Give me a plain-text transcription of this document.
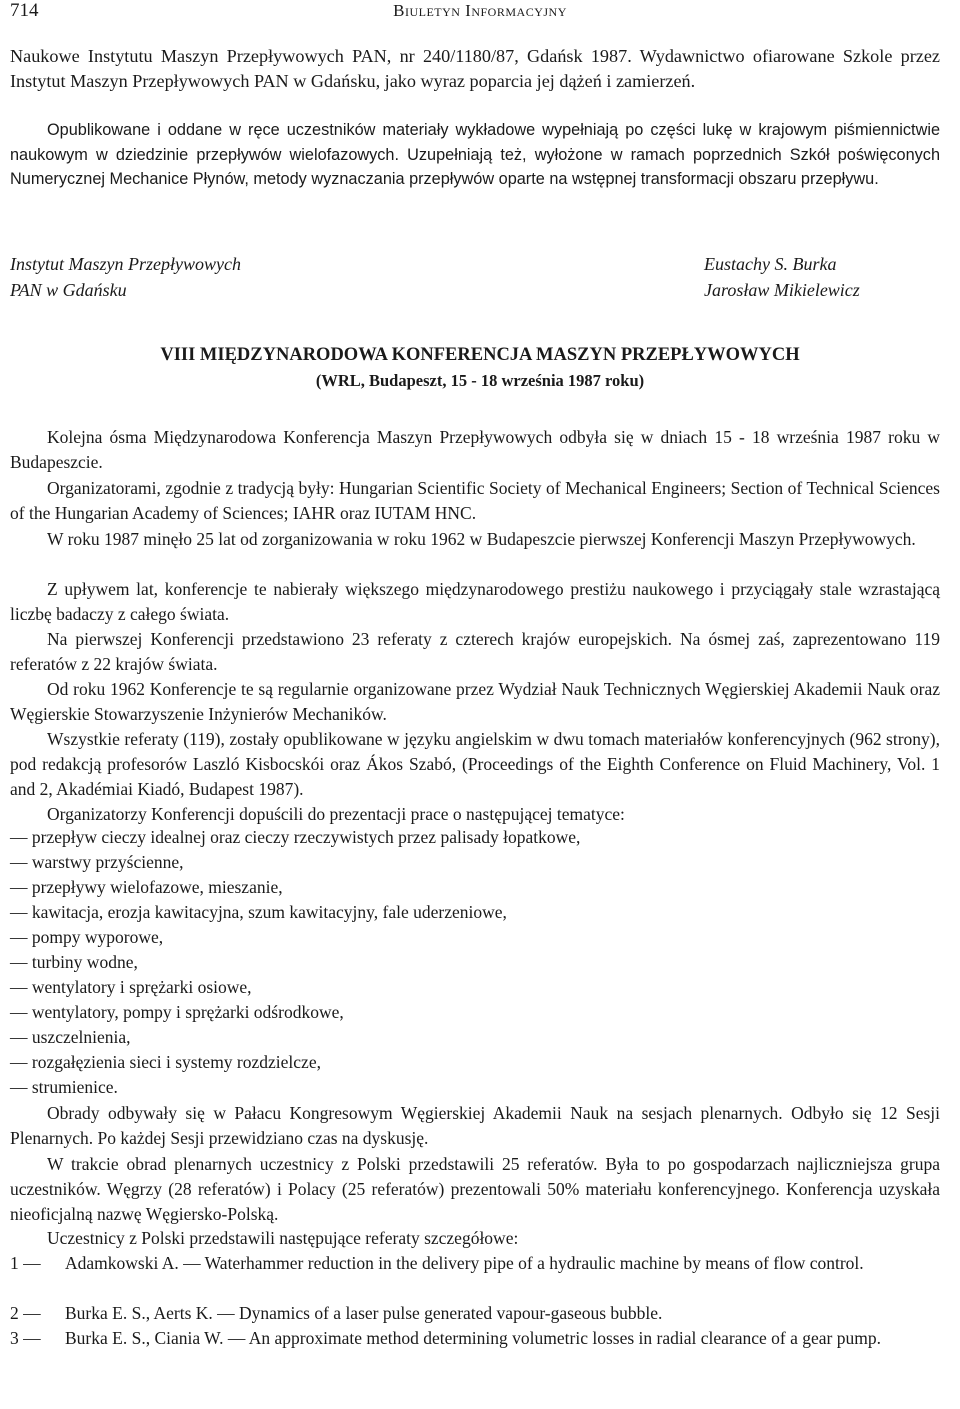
714	Biuletyn Informacyjny

Naukowe Instytutu Maszyn Przepływowych PAN, nr 240/1180/87, Gdańsk 1987. Wydawnictwo ofiarowane Szkole przez Instytut Maszyn Przepływowych PAN w Gdańsku, jako wyraz poparcia jej dążeń i zamierzeń.

Opublikowane i oddane w ręce uczestników materiały wykładowe wypełniają po części lukę w krajowym piśmiennictwie naukowym w dziedzinie przepływów wielofazowych. Uzupełniają też, wyłożone w ramach poprzednich Szkół poświęconych Numerycznej Mechanice Płynów, metody wyznaczania przepływów oparte na wstępnej transformacji obszaru przepływu.

Instytut Maszyn Przepływowych
PAN w Gdańsku
Eustachy S. Burka
Jarosław Mikielewicz
VIII MIĘDZYNARODOWA KONFERENCJA MASZYN PRZEPŁYWOWYCH
(WRL, Budapeszt, 15 - 18 września 1987 roku)

Kolejna ósma Międzynarodowa Konferencja Maszyn Przepływowych odbyła się w dniach 15 - 18 września 1987 roku w Budapeszcie.

Organizatorami, zgodnie z tradycją były: Hungarian Scientific Society of Mechanical Engineers; Section of Technical Sciences of the Hungarian Academy of Sciences; IAHR oraz IUTAM HNC.

W roku 1987 minęło 25 lat od zorganizowania w roku 1962 w Budapeszcie pierwszej Konferencji Maszyn Przepływowych.

Z upływem lat, konferencje te nabierały większego międzynarodowego prestiżu naukowego i przyciągały stale wzrastającą liczbę badaczy z całego świata.

Na pierwszej Konferencji przedstawiono 23 referaty z czterech krajów europejskich. Na ósmej zaś, zaprezentowano 119 referatów z 22 krajów świata.

Od roku 1962 Konferencje te są regularnie organizowane przez Wydział Nauk Technicznych Węgierskiej Akademii Nauk oraz Węgierskie Stowarzyszenie Inżynierów Mechaników.

Wszystkie referaty (119), zostały opublikowane w języku angielskim w dwu tomach materiałów konferencyjnych (962 strony), pod redakcją profesorów Laszló Kisbocskói oraz Ákos Szabó, (Proceedings of the Eighth Conference on Fluid Machinery, Vol. 1 and 2, Akadémiai Kiadó, Budapest 1987).

Organizatorzy Konferencji dopuścili do prezentacji prace o następującej tematyce:

— przepływ cieczy idealnej oraz cieczy rzeczywistych przez palisady łopatkowe,
— warstwy przyścienne,
— przepływy wielofazowe, mieszanie,
— kawitacja, erozja kawitacyjna, szum kawitacyjny, fale uderzeniowe,
— pompy wyporowe,
— turbiny wodne,
— wentylatory i sprężarki osiowe,
— wentylatory, pompy i sprężarki odśrodkowe,
— uszczelnienia,
— rozgałęzienia sieci i systemy rozdzielcze,
— strumienice.

Obrady odbywały się w Pałacu Kongresowym Węgierskiej Akademii Nauk na sesjach plenarnych. Odbyło się 12 Sesji Plenarnych. Po każdej Sesji przewidziano czas na dyskusję.

W trakcie obrad plenarnych uczestnicy z Polski przedstawili 25 referatów. Była to po gospodarzach najliczniejsza grupa uczestników. Węgrzy (28 referatów) i Polacy (25 referatów) prezentowali 50% materiału konferencyjnego. Konferencja uzyskała nieoficjalną nazwę Węgiersko-Polską.

Uczestnicy z Polski przedstawili następujące referaty szczegółowe:

1 —	Adamkowski A. — Waterhammer reduction in the delivery pipe of a hydraulic machine by means of flow control.
2 —	Burka E. S., Aerts K. — Dynamics of a laser pulse generated vapour-gaseous bubble.
3 —	Burka E. S., Ciania W. — An approximate method determining volumetric losses in radial clearance of a gear pump.
